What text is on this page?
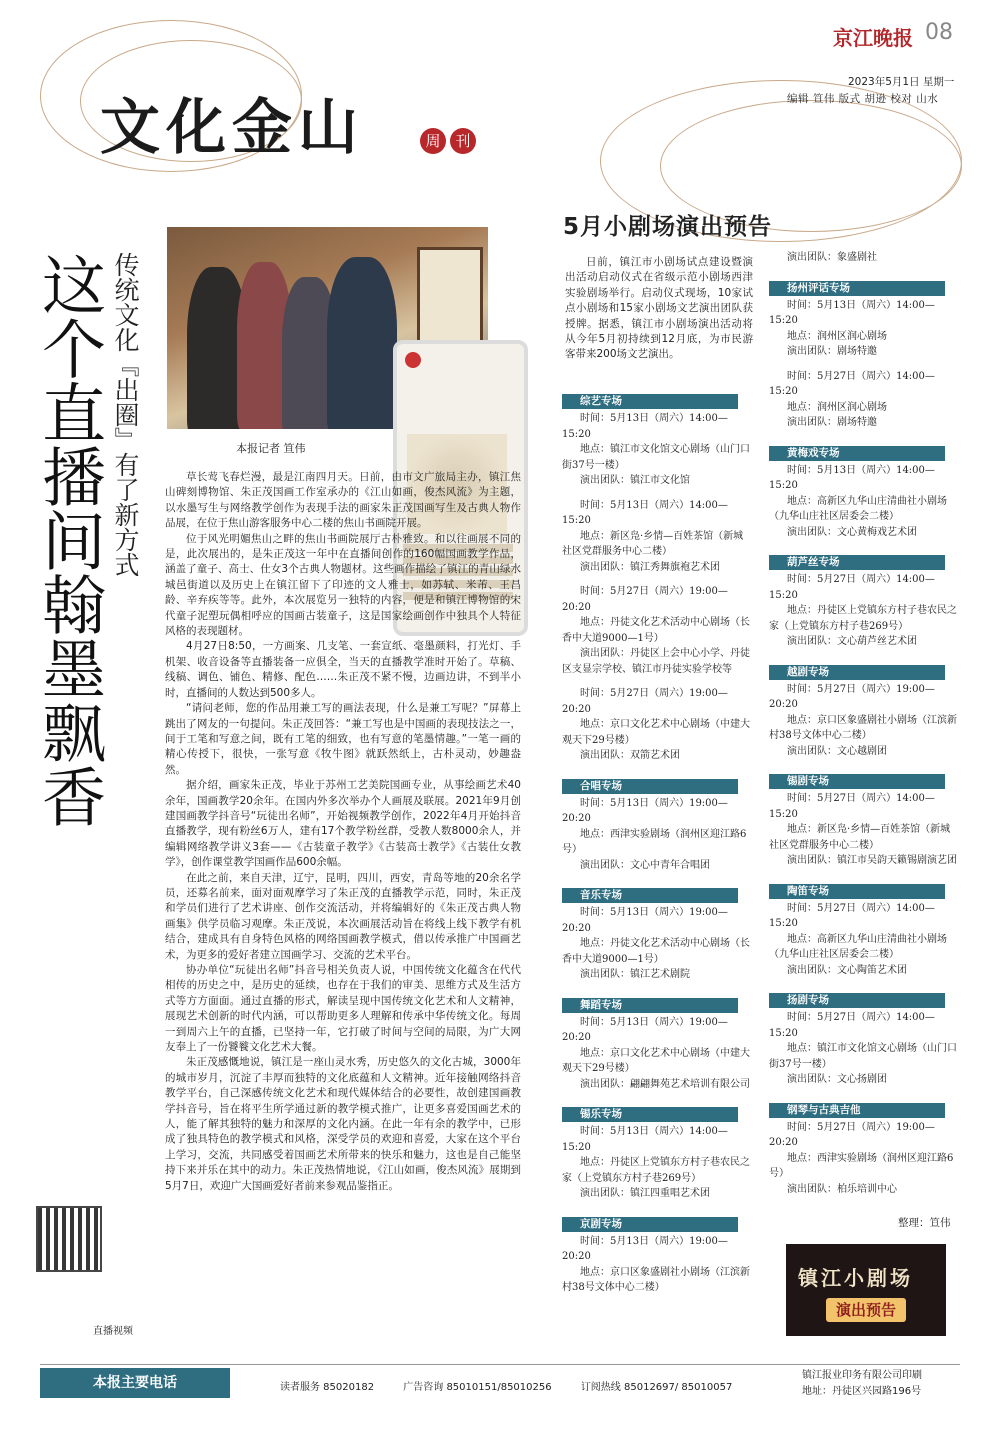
文化金山	周 刊
京江晚报 08
2023年5月1日 星期一
编辑 笪伟 版式 胡逊 校对 山水
这个直播间翰墨飘香 传统文化『出圈』有了新方式	本报记者 笪伟

草长莺飞春烂漫，最是江南四月天。日前，由市文广旅局主办，镇江焦山碑刻博物馆、朱正茂国画工作室承办的《江山如画，俊杰风流》为主题，以水墨写生与网络教学创作为表现手法的画家朱正茂国画写生及古典人物作品展，在位于焦山游客服务中心二楼的焦山书画院开展。

位于风光明媚焦山之畔的焦山书画院展厅古朴雅致。和以往画展不同的是，此次展出的，是朱正茂这一年中在直播间创作的160幅国画教学作品，涵盖了童子、高士、仕女3个古典人物题材。这些画作描绘了镇江的青山绿水城邑街道以及历史上在镇江留下了印迹的文人雅士，如苏轼、米芾、王昌龄、辛弃疾等等。此外，本次展览另一独特的内容，便是和镇江博物馆的宋代童子泥塑玩偶相呼应的国画古装童子，这是国家绘画创作中独具个人特征风格的表现题材。

4月27日8:50，一方画案、几支笔、一套宣纸、毫墨颜料，打光灯、手机架、收音设备等直播装备一应俱全，当天的直播教学准时开始了。草稿、线稿、调色、铺色、精修、配色……朱正茂不紧不慢，边画边讲，不到半小时，直播间的人数达到500多人。

“请问老师，您的作品用兼工写的画法表现，什么是兼工写呢？”屏幕上跳出了网友的一句提问。朱正茂回答：“兼工写也是中国画的表现技法之一，间于工笔和写意之间，既有工笔的细致，也有写意的笔墨情趣。”一笔一画的精心传授下，很快，一张写意《牧牛图》就跃然纸上，古朴灵动，妙趣盎然。

据介绍，画家朱正茂，毕业于苏州工艺美院国画专业，从事绘画艺术40余年，国画教学20余年。在国内外多次举办个人画展及联展。2021年9月创建国画教学抖音号“玩徒出名师”，开始视频教学创作，2022年4月开始抖音直播教学，现有粉丝6万人，建有17个教学粉丝群，受教人数8000余人，并编辑网络教学讲义3套——《古装童子教学》《古装高士教学》《古装仕女教学》，创作课堂教学国画作品600余幅。

在此之前，来自天津，辽宁，昆明，四川，西安，青岛等地的20余名学员，还募名前来，面对面观摩学习了朱正茂的直播教学示范，同时，朱正茂和学员们进行了艺术讲座、创作交流活动，并将编辑好的《朱正茂古典人物画集》供学员临习观摩。朱正茂说，本次画展活动旨在将线上线下教学有机结合，建成具有自身特色风格的网络国画教学模式，借以传承推广中国画艺术，为更多的爱好者建立国画学习、交流的艺术平台。

协办单位“玩徒出名师”抖音号相关负责人说，中国传统文化蕴含在代代相传的历史之中，是历史的延续，也存在于我们的审美、思维方式及生活方式等方方面面。通过直播的形式，解读呈现中国传统文化艺术和人文精神，展现艺术创新的时代内涵，可以帮助更多人理解和传承中华传统文化。每周一到周六上午的直播，已坚持一年，它打破了时间与空间的局限，为广大网友奉上了一份饕餮文化艺术大餐。

朱正茂感慨地说，镇江是一座山灵水秀，历史悠久的文化古城，3000年的城市岁月，沉淀了丰厚而独特的文化底蕴和人文精神。近年接触网络抖音教学平台，自己深感传统文化艺术和现代媒体结合的必要性，故创建国画教学抖音号，旨在将平生所学通过新的教学模式推广，让更多喜爱国画艺术的人，能了解其独特的魅力和深厚的文化内涵。在此一年有余的教学中，已形成了独具特色的教学模式和风格，深受学员的欢迎和喜爱，大家在这个平台上学习，交流，共同感受着国画艺术所带来的快乐和魅力，这也是自己能坚持下来并乐在其中的动力。朱正茂热情地说，《江山如画，俊杰风流》展期到5月7日，欢迎广大国画爱好者前来参观品鉴指正。

直播视频
5月小剧场演出预告
日前，镇江市小剧场试点建设暨演出活动启动仪式在省级示范小剧场西津实验剧场举行。启动仪式现场，10家试点小剧场和15家小剧场文艺演出团队获授牌。据悉，镇江市小剧场演出活动将从今年5月初持续到12月底，为市民游客带来200场文艺演出。
综艺专场
时间：5月13日（周六）14:00—15:20
地点：镇江市文化馆文心剧场（山门口街37号一楼）
演出团队：镇江市文化馆
时间：5月13日（周六）14:00—15:20
地点：新区凫·乡情—百姓茶馆（新城社区党群服务中心二楼）
演出团队：镇江秀舞旗袍艺术团
时间：5月27日（周六）19:00—20:20
地点：丹徒文化艺术活动中心剧场（长香中大道9000—1号）
演出团队：丹徒区上会中心小学、丹徒区支显宗学校、镇江市丹徒实验学校等
时间：5月27日（周六）19:00—20:20
地点：京口文化艺术中心剧场（中建大观天下29号楼）
演出团队：双箭艺术团
合唱专场
时间：5月13日（周六）19:00—20:20
地点：西津实验剧场（润州区迎江路6号）
演出团队：文心中青年合唱团
音乐专场
时间：5月13日（周六）19:00—20:20
地点：丹徒文化艺术活动中心剧场（长香中大道9000—1号）
演出团队：镇江艺术剧院
舞蹈专场
时间：5月13日（周六）19:00—20:20
地点：京口文化艺术中心剧场（中建大观天下29号楼）
演出团队：翩翩舞苑艺术培训有限公司
锡乐专场
时间：5月13日（周六）14:00—15:20
地点：丹徒区上党镇东方村子巷农民之家（上党镇东方村子巷269号）
演出团队：镇江四重唱艺术团
京剧专场
时间：5月13日（周六）19:00—20:20
地点：京口区象盛剧社小剧场（江滨新村38号文体中心二楼）
演出团队：象盛剧社
扬州评话专场
时间：5月13日（周六）14:00—15:20
地点：润州区润心剧场
演出团队：剧场特邀
时间：5月27日（周六）14:00—15:20
地点：润州区润心剧场
演出团队：剧场特邀
黄梅戏专场
时间：5月13日（周六）14:00—15:20
地点：高新区九华山庄清曲社小剧场（九华山庄社区居委会二楼）
演出团队：文心黄梅戏艺术团
葫芦丝专场
时间：5月27日（周六）14:00—15:20
地点：丹徒区上党镇东方村子巷农民之家（上党镇东方村子巷269号）
演出团队：文心葫芦丝艺术团
越剧专场
时间：5月27日（周六）19:00—20:20
地点：京口区象盛剧社小剧场（江滨新村38号文体中心二楼）
演出团队：文心越剧团
锡剧专场
时间：5月27日（周六）14:00—15:20
地点：新区凫·乡情—百姓茶馆（新城社区党群服务中心二楼）
演出团队：镇江市吴韵天籁锡剧演艺团
陶笛专场
时间：5月27日（周六）14:00—15:20
地点：高新区九华山庄清曲社小剧场（九华山庄社区居委会二楼）
演出团队：文心陶笛艺术团
扬剧专场
时间：5月27日（周六）14:00—15:20
地点：镇江市文化馆文心剧场（山门口街37号一楼）
演出团队：文心扬剧团
钢琴与古典吉他
时间：5月27日（周六）19:00—20:20
地点：西津实验剧场（润州区迎江路6号）
演出团队：柏乐培训中心
整理：笪伟
镇江小剧场
演出预告
本报主要电话	读者服务 85020182	广告咨询 85010151/85010256	订阅热线 85012697/ 85010057
镇江报业印务有限公司印刷
地址：丹徒区兴园路196号
